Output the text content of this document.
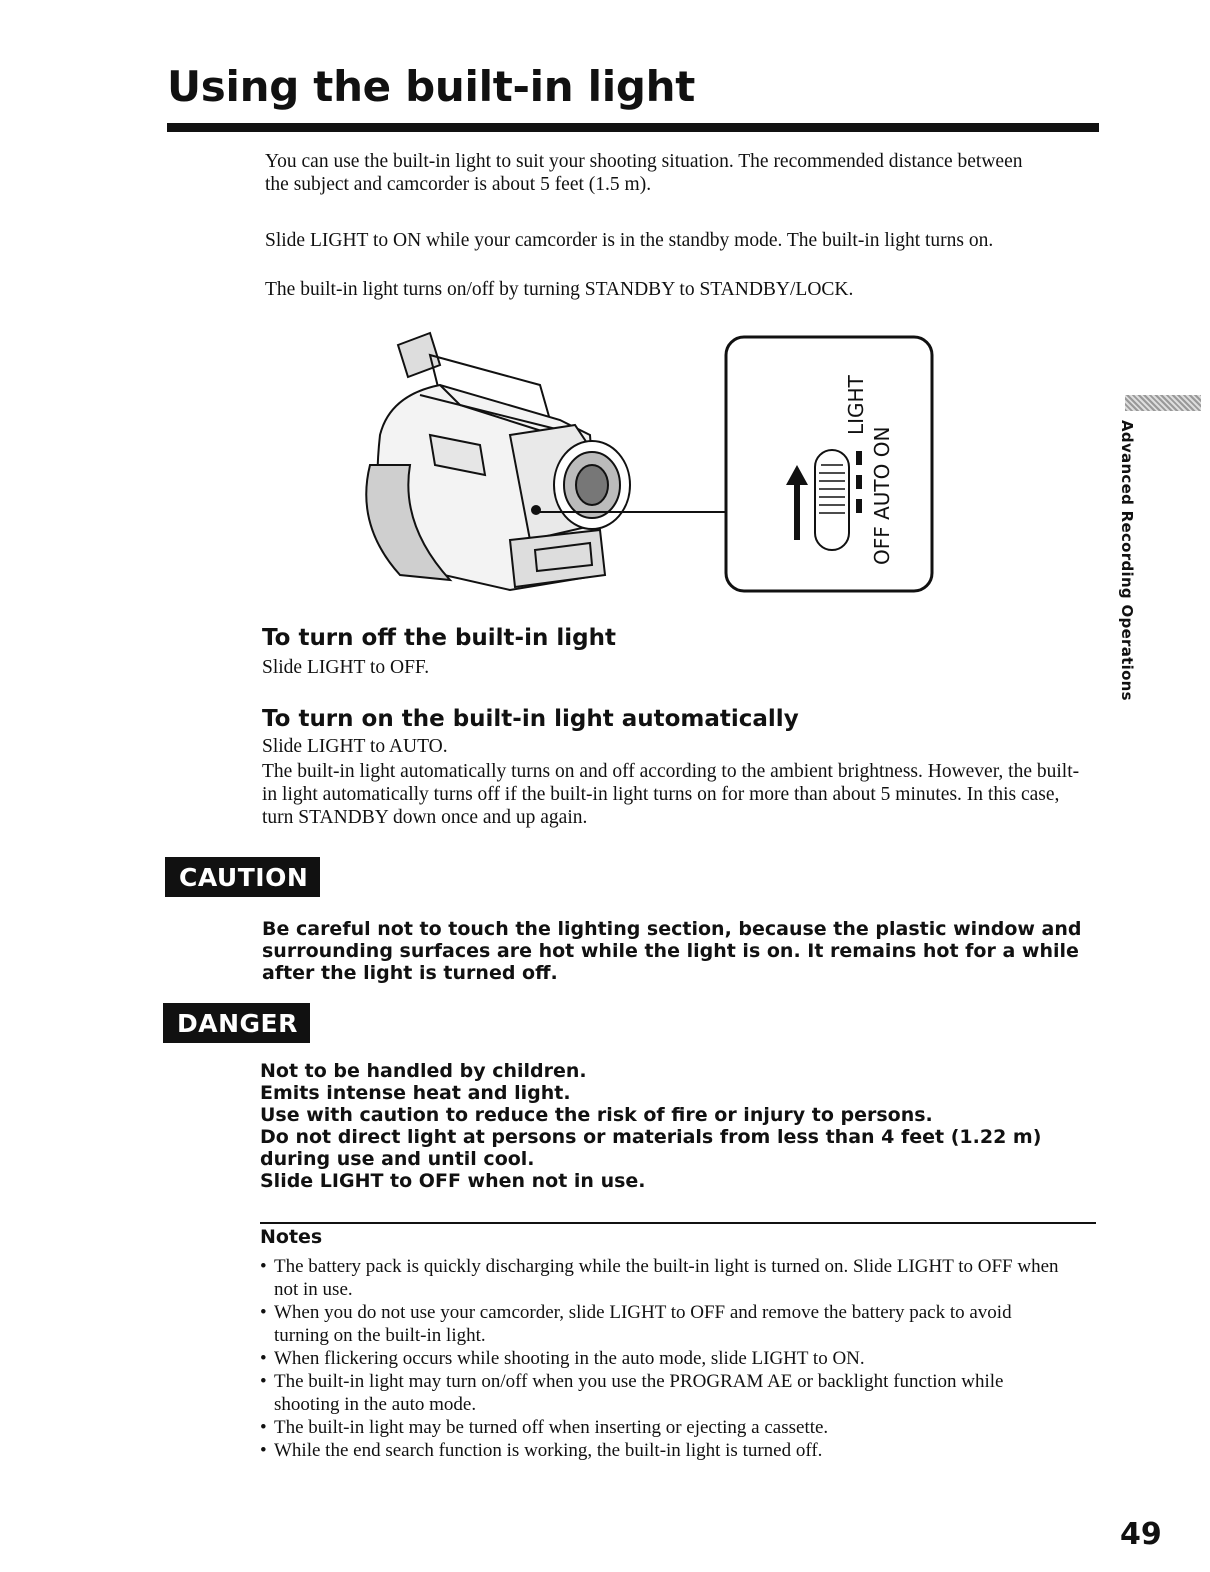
Using the built-in light

You can use the built-in light to suit your shooting situation. The recommended distance between the subject and camcorder is about 5 feet (1.5 m).

Slide LIGHT to ON while your camcorder is in the standby mode. The built-in light turns on.

The built-in light turns on/off by turning STANDBY to STANDBY/LOCK.

LIGHT
OFF AUTO ON
To turn off the built-in light

Slide LIGHT to OFF.

To turn on the built-in light automatically

Slide LIGHT to AUTO.

The built-in light automatically turns on and off according to the ambient brightness. However, the built-in light automatically turns off if the built-in light turns on for more than about 5 minutes. In this case, turn STANDBY down once and up again.

CAUTION

Be careful not to touch the lighting section, because the plastic window and surrounding surfaces are hot while the light is on. It remains hot for a while after the light is turned off.

DANGER

Not to be handled by children.

Emits intense heat and light.

Use with caution to reduce the risk of fire or injury to persons.

Do not direct light at persons or materials from less than 4 feet (1.22 m) during use and until cool.

Slide LIGHT to OFF when not in use.

Notes

• The battery pack is quickly discharging while the built-in light is turned on. Slide LIGHT to OFF when not in use.

• When you do not use your camcorder, slide LIGHT to OFF and remove the battery pack to avoid turning on the built-in light.

• When flickering occurs while shooting in the auto mode, slide LIGHT to ON.

• The built-in light may turn on/off when you use the PROGRAM AE or backlight function while shooting in the auto mode.

• The built-in light may be turned off when inserting or ejecting a cassette.

• While the end search function is working, the built-in light is turned off.

Advanced Recording Operations
49
